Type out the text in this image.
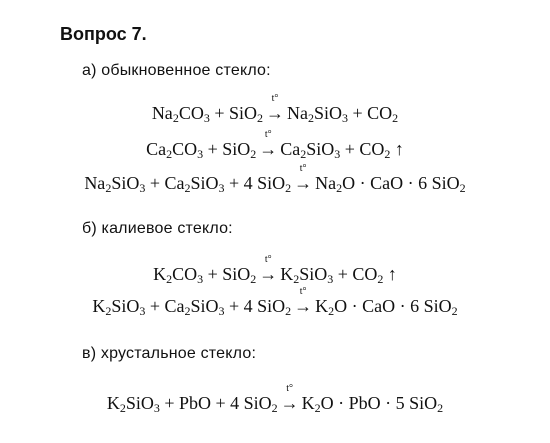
Вопрос 7.
а) обыкновенное стекло:
$Na_2CO_3 + SiO_2$
t°
→ $Na_2SiO_3 + CO_2$
$Ca_2CO_3 + SiO_2$
t°
→ $Ca_2SiO_3 + CO_2$ ↑
$Na_2SiO_3 + Ca_2SiO_3 + 4$ SiO$_2$
t°
→ $Na_2O$ · CaO · 6 SiO$_2$
б) калиевое стекло:
$K_2CO_3 + SiO_2$
t°
→ $K_2SiO_3 + CO_2$ ↑
$K_2SiO_3 + Ca_2SiO_3 + 4$ SiO$_2$
t°
→ $K_2O$ · CaO · 6 SiO$_2$
в) хрустальное стекло:
$K_2SiO_3$ + PbO + 4 SiO$_2$
t°
→ $K_2O$ · PbO · 5 SiO$_2$
